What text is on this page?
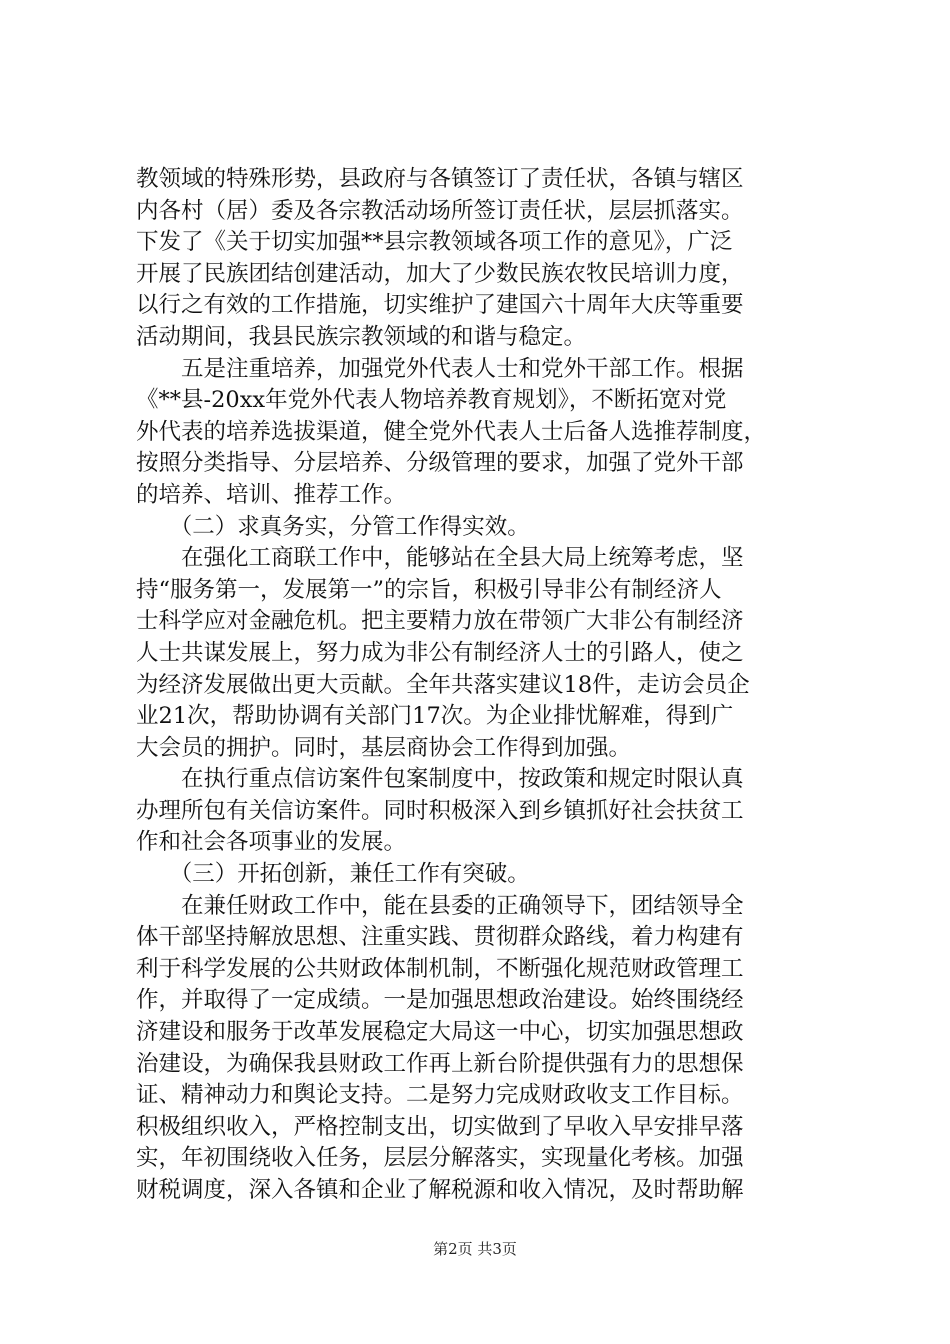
教领域的特殊形势，县政府与各镇签订了责任状，各镇与辖区
内各村（居）委及各宗教活动场所签订责任状，层层抓落实。
下发了《关于切实加强**县宗教领域各项工作的意见》，广泛
开展了民族团结创建活动，加大了少数民族农牧民培训力度，
以行之有效的工作措施，切实维护了建国六十周年大庆等重要
活动期间，我县民族宗教领域的和谐与稳定。
　　五是注重培养，加强党外代表人士和党外干部工作。根据
《**县-20xx年党外代表人物培养教育规划》，不断拓宽对党
外代表的培养选拔渠道，健全党外代表人士后备人选推荐制度，
按照分类指导、分层培养、分级管理的要求，加强了党外干部
的培养、培训、推荐工作。
　　（二）求真务实，分管工作得实效。
　　在强化工商联工作中，能够站在全县大局上统筹考虑，坚
持“服务第一，发展第一”的宗旨，积极引导非公有制经济人
士科学应对金融危机。把主要精力放在带领广大非公有制经济
人士共谋发展上，努力成为非公有制经济人士的引路人，使之
为经济发展做出更大贡献。全年共落实建议18件，走访会员企
业21次，帮助协调有关部门17次。为企业排忧解难，得到广
大会员的拥护。同时，基层商协会工作得到加强。
　　在执行重点信访案件包案制度中，按政策和规定时限认真
办理所包有关信访案件。同时积极深入到乡镇抓好社会扶贫工
作和社会各项事业的发展。
　　（三）开拓创新，兼任工作有突破。
　　在兼任财政工作中，能在县委的正确领导下，团结领导全
体干部坚持解放思想、注重实践、贯彻群众路线，着力构建有
利于科学发展的公共财政体制机制，不断强化规范财政管理工
作，并取得了一定成绩。一是加强思想政治建设。始终围绕经
济建设和服务于改革发展稳定大局这一中心，切实加强思想政
治建设，为确保我县财政工作再上新台阶提供强有力的思想保
证、精神动力和舆论支持。二是努力完成财政收支工作目标。
积极组织收入，严格控制支出，切实做到了早收入早安排早落
实，年初围绕收入任务，层层分解落实，实现量化考核。加强
财税调度，深入各镇和企业了解税源和收入情况，及时帮助解
第2页 共3页
